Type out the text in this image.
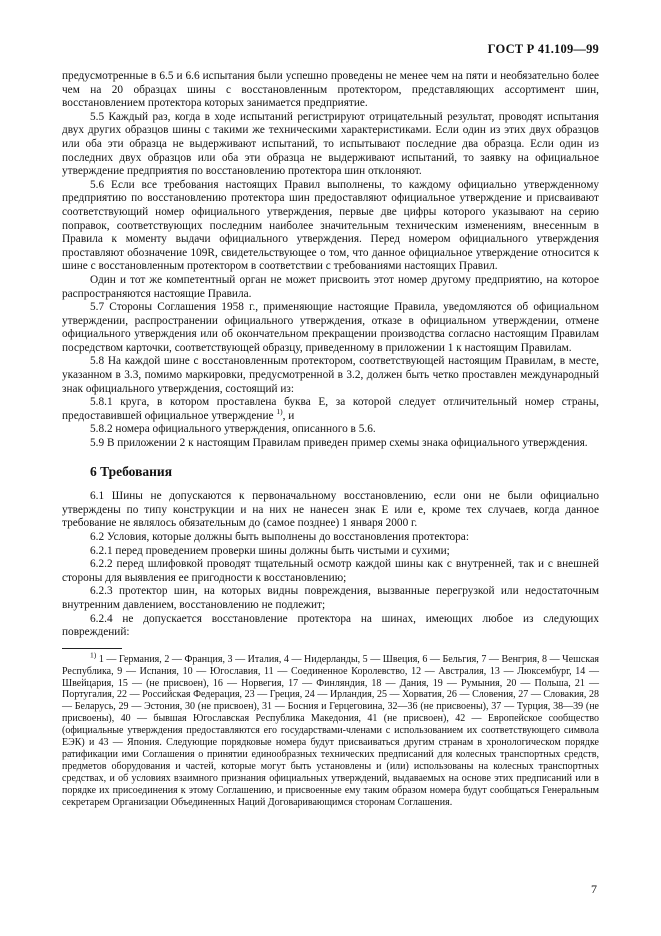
ГОСТ Р 41.109—99

предусмотренные в 6.5 и 6.6 испытания были успешно проведены не менее чем на пяти и необязательно более чем на 20 образцах шины с восстановленным протектором, представляющих ассортимент шин, восстановлением протектора которых занимается предприятие.

5.5 Каждый раз, когда в ходе испытаний регистрируют отрицательный результат, проводят испытания двух других образцов шины с такими же техническими характеристиками. Если один из этих двух образцов или оба эти образца не выдерживают испытаний, то испытывают последние два образца. Если один из последних двух образцов или оба эти образца не выдерживают испытаний, то заявку на официальное утверждение предприятия по восстановлению протектора шин отклоняют.

5.6 Если все требования настоящих Правил выполнены, то каждому официально утвержденному предприятию по восстановлению протектора шин предоставляют официальное утверждение и присваивают соответствующий номер официального утверждения, первые две цифры которого указывают на серию поправок, соответствующих последним наиболее значительным техническим изменениям, внесенным в Правила к моменту выдачи официального утверждения. Перед номером официального утверждения проставляют обозначение 109R, свидетельствующее о том, что данное официальное утверждение относится к шине с восстановленным протектором в соответствии с требованиями настоящих Правил.

Один и тот же компетентный орган не может присвоить этот номер другому предприятию, на которое распространяются настоящие Правила.

5.7 Стороны Соглашения 1958 г., применяющие настоящие Правила, уведомляются об официальном утверждении, распространении официального утверждения, отказе в официальном утверждении, отмене официального утверждения или об окончательном прекращении производства согласно настоящим Правилам посредством карточки, соответствующей образцу, приведенному в приложении 1 к настоящим Правилам.

5.8 На каждой шине с восстановленным протектором, соответствующей настоящим Правилам, в месте, указанном в 3.3, помимо маркировки, предусмотренной в 3.2, должен быть четко проставлен международный знак официального утверждения, состоящий из:

5.8.1 круга, в котором проставлена буква Е, за которой следует отличительный номер страны, предоставившей официальное утверждение $^{1)}$, и

5.8.2 номера официального утверждения, описанного в 5.6.

5.9 В приложении 2 к настоящим Правилам приведен пример схемы знака официального утверждения.

6 Требования

6.1 Шины не допускаются к первоначальному восстановлению, если они не были официально утверждены по типу конструкции и на них не нанесен знак Е или е, кроме тех случаев, когда данное требование не являлось обязательным до (самое позднее) 1 января 2000 г.

6.2 Условия, которые должны быть выполнены до восстановления протектора:

6.2.1 перед проведением проверки шины должны быть чистыми и сухими;

6.2.2 перед шлифовкой проводят тщательный осмотр каждой шины как с внутренней, так и с внешней стороны для выявления ее пригодности к восстановлению;

6.2.3 протектор шин, на которых видны повреждения, вызванные перегрузкой или недостаточным внутренним давлением, восстановлению не подлежит;

6.2.4 не допускается восстановление протектора на шинах, имеющих любое из следующих повреждений:

$^{1)}$ 1 — Германия, 2 — Франция, 3 — Италия, 4 — Нидерланды, 5 — Швеция, 6 — Бельгия, 7 — Венгрия, 8 — Чешская Республика, 9 — Испания, 10 — Югославия, 11 — Соединенное Королевство, 12 — Австралия, 13 — Люксембург, 14 — Швейцария, 15 — (не присвоен), 16 — Норвегия, 17 — Финляндия, 18 — Дания, 19 — Румыния, 20 — Польша, 21 — Португалия, 22 — Российская Федерация, 23 — Греция, 24 — Ирландия, 25 — Хорватия, 26 — Словения, 27 — Словакия, 28 — Беларусь, 29 — Эстония, 30 (не присвоен), 31 — Босния и Герцеговина, 32—36 (не присвоены), 37 — Турция, 38—39 (не присвоены), 40 — бывшая Югославская Республика Македония, 41 (не присвоен), 42 — Европейское сообщество (официальные утверждения предоставляются его государствами-членами с использованием их соответствующего символа ЕЭК) и 43 — Япония. Следующие порядковые номера будут присваиваться другим странам в хронологическом порядке ратификации ими Соглашения о принятии единообразных технических предписаний для колесных транспортных средств, предметов оборудования и частей, которые могут быть установлены и (или) использованы на колесных транспортных средствах, и об условиях взаимного признания официальных утверждений, выдаваемых на основе этих предписаний или в порядке их присоединения к этому Соглашению, и присвоенные ему таким образом номера будут сообщаться Генеральным секретарем Организации Объединенных Наций Договаривающимся сторонам Соглашения.

7
